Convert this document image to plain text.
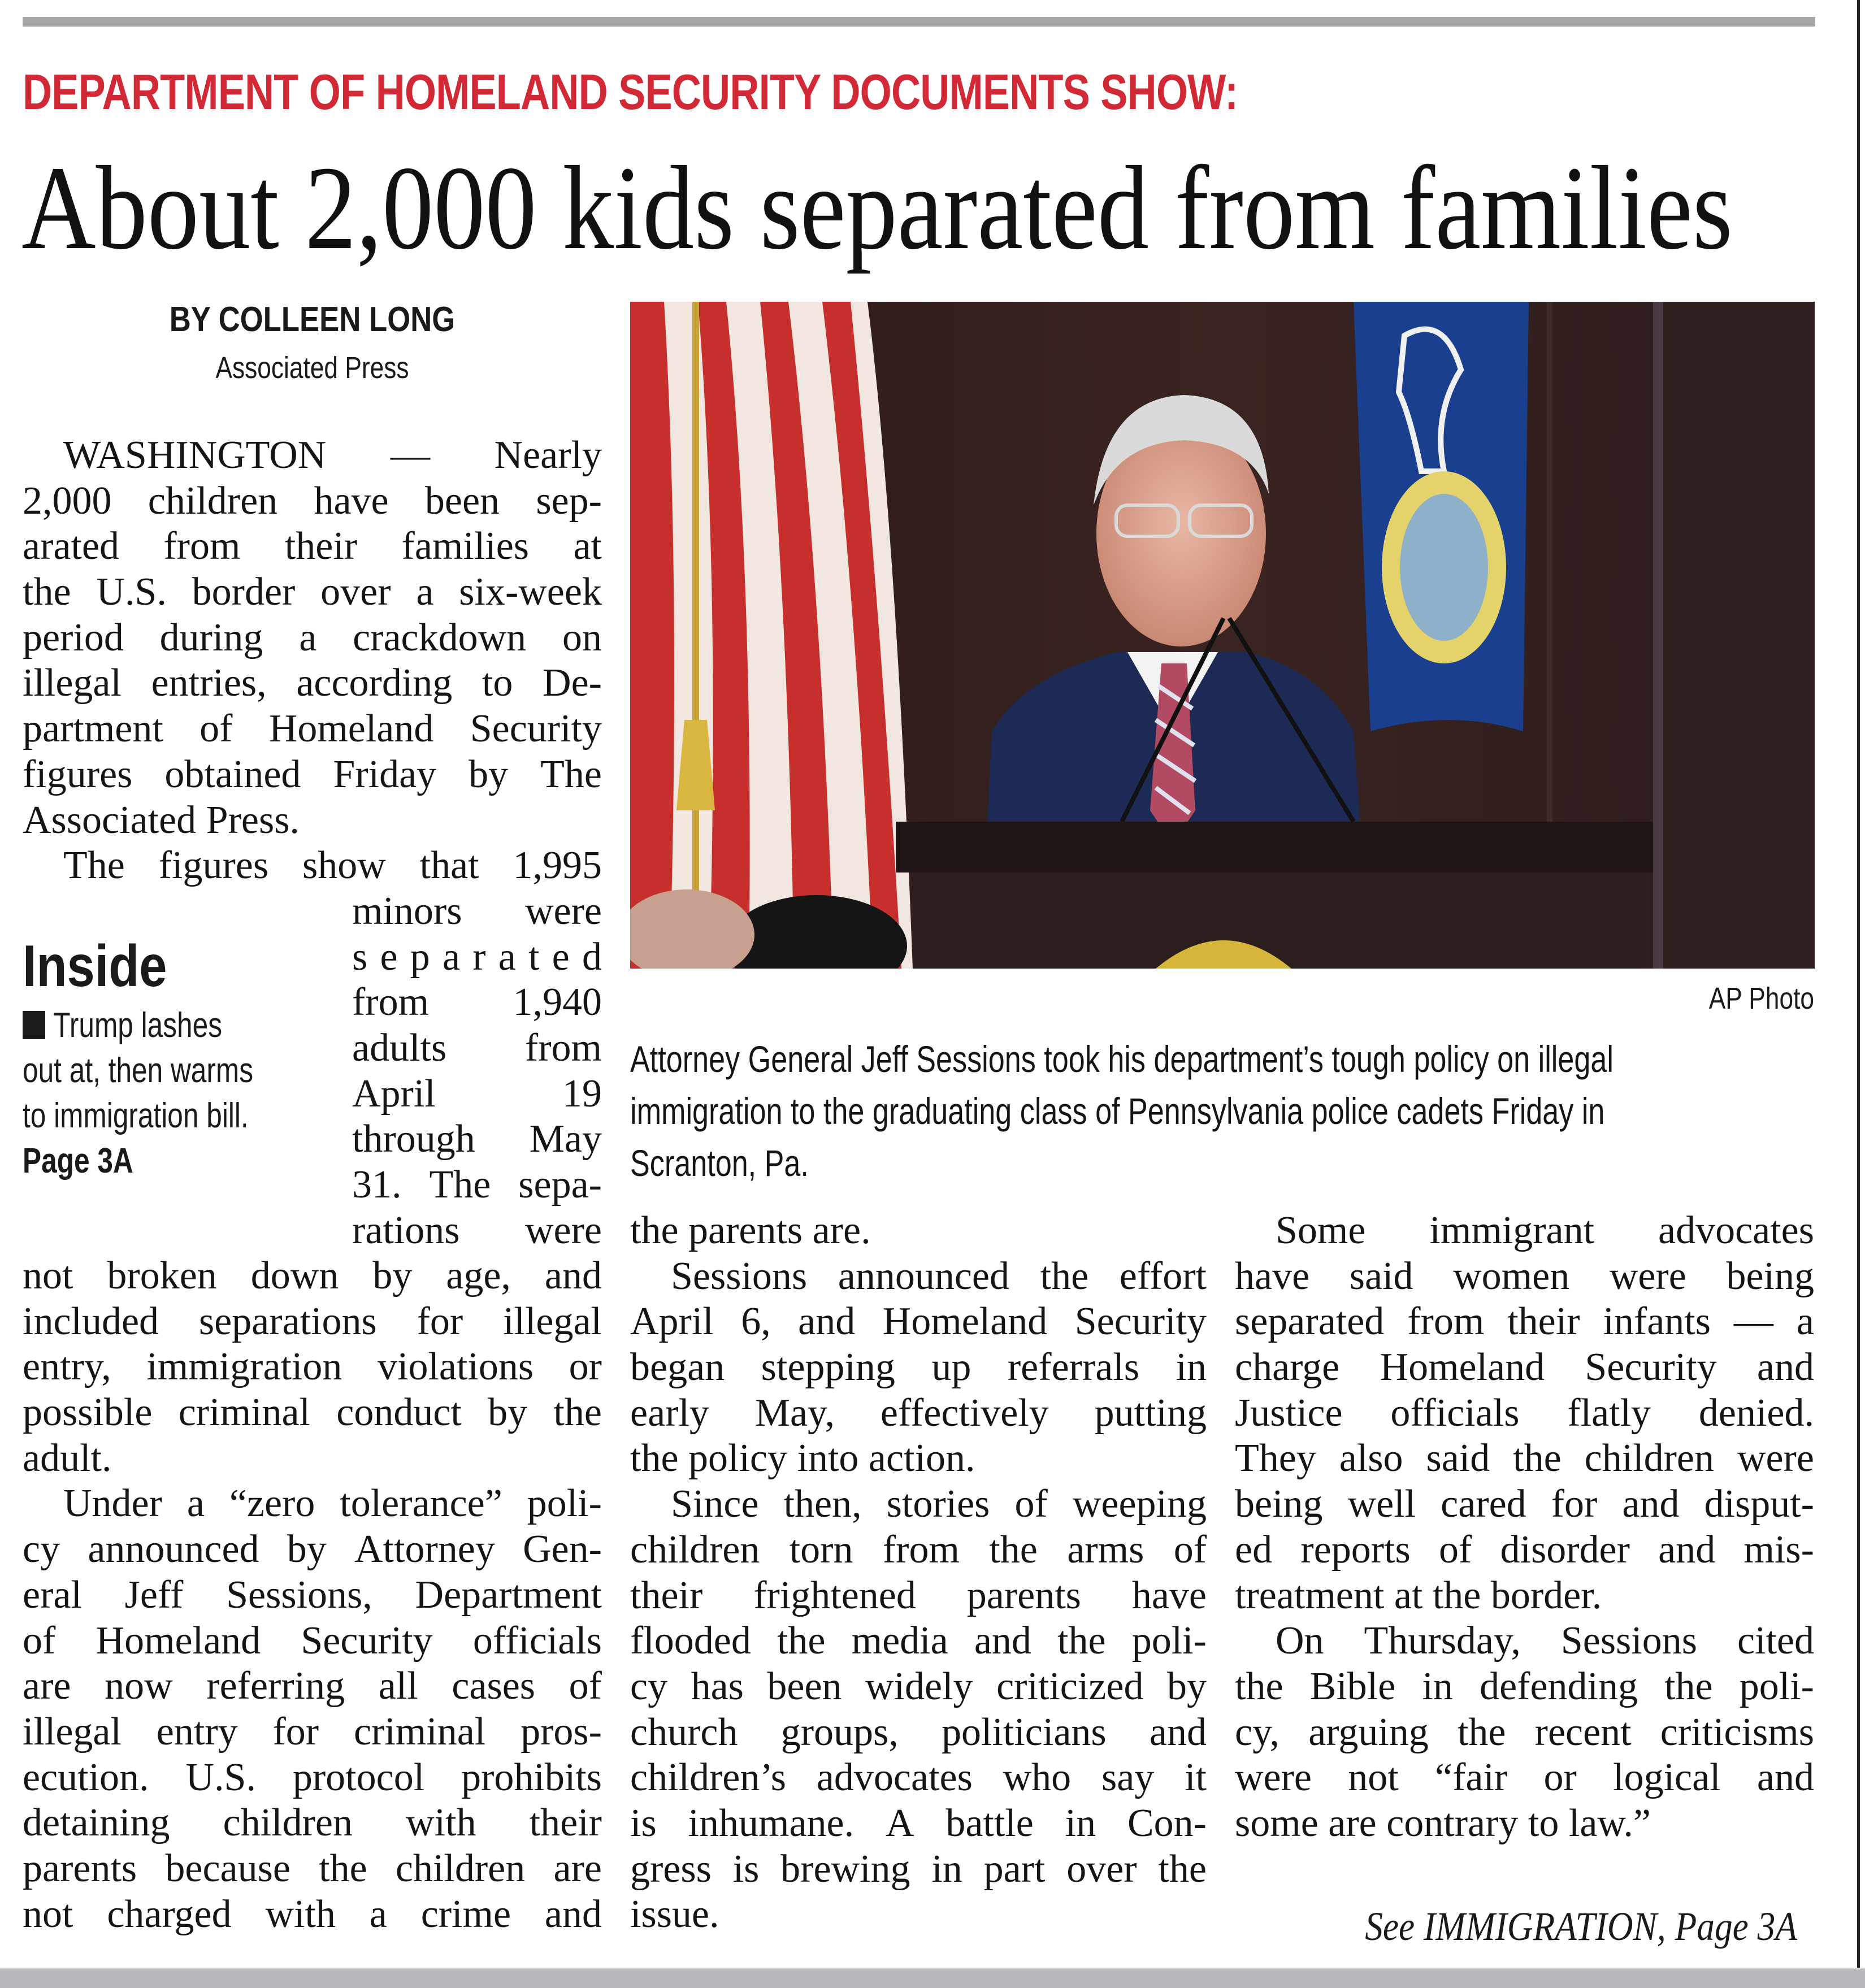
DEPARTMENT OF HOMELAND SECURITY DOCUMENTS SHOW:
About 2,000 kids separated from families
BY COLLEEN LONG
Associated Press
WASHINGTON — Nearly
2,000 children have been sep-
arated from their families at
the U.S. border over a six-week
period during a crackdown on
illegal entries, according to De-
partment of Homeland Security
figures obtained Friday by The
Associated Press.
The figures show that 1,995
minors were
s e p a r a t e d
from 1,940
adults from
April	19
through May
31. The sepa-
rations were
not broken down by age, and
included separations for illegal
entry, immigration violations or
possible criminal conduct by the
adult.
Under a “zero tolerance” poli-
cy announced by Attorney Gen-
eral Jeff Sessions, Department
of Homeland Security officials
are now referring all cases of
illegal entry for criminal pros-
ecution. U.S. protocol prohibits
detaining children with their
parents because the children are
not charged with a crime and
Inside
Trump lashes
out at, then warms
to immigration bill.
Page 3A
AP Photo
Attorney General Jeff Sessions took his department’s tough policy on illegal
immigration to the graduating class of Pennsylvania police cadets Friday in
Scranton, Pa.
the parents are.
Sessions announced the effort
April 6, and Homeland Security
began stepping up referrals in
early May, effectively putting
the policy into action.
Since then, stories of weeping
children torn from the arms of
their frightened parents have
flooded the media and the poli-
cy has been widely criticized by
church groups, politicians and
children’s advocates who say it
is inhumane. A battle in Con-
gress is brewing in part over the
issue.
Some immigrant advocates
have said women were being
separated from their infants — a
charge Homeland Security and
Justice officials flatly denied.
They also said the children were
being well cared for and disput-
ed reports of disorder and mis-
treatment at the border.
On Thursday, Sessions cited
the Bible in defending the poli-
cy, arguing the recent criticisms
were not “fair or logical and
some are contrary to law.”
See IMMIGRATION, Page 3A
